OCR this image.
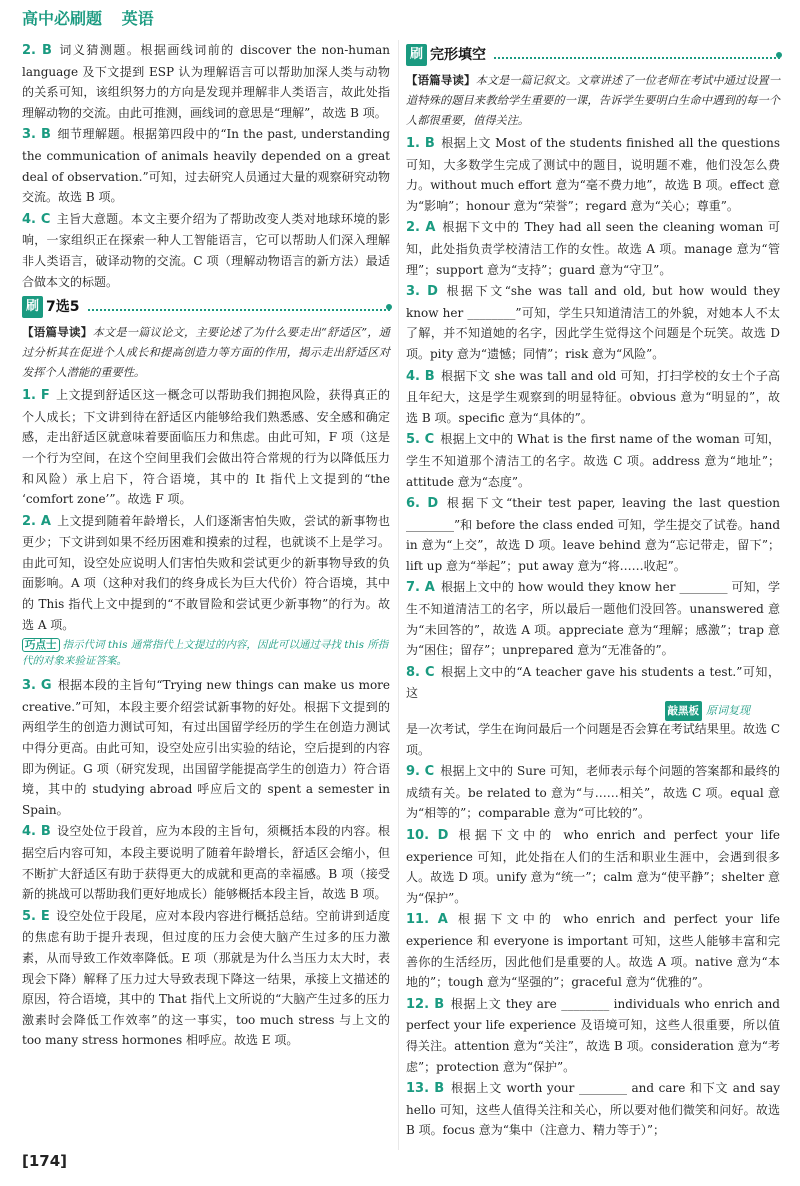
高中必刷题 英语
2. B 词义猜测题。根据画线词前的 discover the non-human language 及下文提到 ESP 认为理解语言可以帮助加深人类与动物的关系可知，该组织努力的方向是发现并理解非人类语言，故此处指理解动物的交流。由此可推测，画线词的意思是“理解”，故选 B 项。
3. B 细节理解题。根据第四段中的“In the past, understanding the communication of animals heavily depended on a great deal of observation.”可知，过去研究人员通过大量的观察研究动物交流。故选 B 项。
4. C 主旨大意题。本文主要介绍为了帮助改变人类对地球环境的影响，一家组织正在探索一种人工智能语言，它可以帮助人们深入理解非人类语言，破译动物的交流。C 项（理解动物语言的新方法）最适合做本文的标题。
刷 7选5
【语篇导读】本文是一篇议论文，主要论述了为什么要走出“舒适区”，通过分析其在促进个人成长和提高创造力等方面的作用，揭示走出舒适区对发挥个人潜能的重要性。
1. F 上文提到舒适区这一概念可以帮助我们拥抱风险，获得真正的个人成长；下文讲到待在舒适区内能够给我们熟悉感、安全感和确定感，走出舒适区就意味着要面临压力和焦虑。由此可知，F 项（这是一个行为空间，在这个空间里我们会做出符合常规的行为以降低压力和风险）承上启下，符合语境，其中的 It 指代上文提到的“the ‘comfort zone’”。故选 F 项。
2. A 上文提到随着年龄增长，人们逐渐害怕失败，尝试的新事物也更少；下文讲到如果不经历困难和摸索的过程，也就谈不上是学习。由此可知，设空处应说明人们害怕失败和尝试更少的新事物导致的负面影响。A 项（这种对我们的终身成长为巨大代价）符合语境，其中的 This 指代上文中提到的“不敢冒险和尝试更少新事物”的行为。故选 A 项。
巧点士 指示代词 this 通常指代上文提过的内容，因此可以通过寻找 this 所指代的对象来验证答案。
3. G 根据本段的主旨句“Trying new things can make us more creative.”可知，本段主要介绍尝试新事物的好处。根据下文提到的两组学生的创造力测试可知，有过出国留学经历的学生在创造力测试中得分更高。由此可知，设空处应引出实验的结论，空后提到的内容即为例证。G 项（研究发现，出国留学能提高学生的创造力）符合语境，其中的 studying abroad 呼应后文的 spent a semester in Spain。
4. B 设空处位于段首，应为本段的主旨句，须概括本段的内容。根据空后内容可知，本段主要说明了随着年龄增长，舒适区会缩小，但不断扩大舒适区有助于获得更大的成就和更高的幸福感。B 项（接受新的挑战可以帮助我们更好地成长）能够概括本段主旨，故选 B 项。
5. E 设空处位于段尾，应对本段内容进行概括总结。空前讲到适度的焦虑有助于提升表现，但过度的压力会使大脑产生过多的压力激素，从而导致工作效率降低。E 项（那就是为什么当压力太大时，表现会下降）解释了压力过大导致表现下降这一结果，承接上文描述的原因，符合语境，其中的 That 指代上文所说的“大脑产生过多的压力激素时会降低工作效率”的这一事实，too much stress 与上文的 too many stress hormones 相呼应。故选 E 项。
刷 完形填空
【语篇导读】本文是一篇记叙文。文章讲述了一位老师在考试中通过设置一道特殊的题目来教给学生重要的一课，告诉学生要明白生命中遇到的每一个人都很重要，值得关注。
1. B 根据上文 Most of the students finished all the questions 可知，大多数学生完成了测试中的题目，说明题不难，他们没怎么费力。without much effort 意为“毫不费力地”，故选 B 项。effect 意为“影响”；honour 意为“荣誉”；regard 意为“关心；尊重”。
2. A 根据下文中的 They had all seen the cleaning woman 可知，此处指负责学校清洁工作的女性。故选 A 项。manage 意为“管理”；support 意为“支持”；guard 意为“守卫”。
3. D 根据下文“she was tall and old, but how would they know her ________”可知，学生只知道清洁工的外貌，对她本人不太了解，并不知道她的名字，因此学生觉得这个问题是个玩笑。故选 D 项。pity 意为“遗憾；同情”；risk 意为“风险”。
4. B 根据下文 she was tall and old 可知，打扫学校的女士个子高且年纪大，这是学生观察到的明显特征。obvious 意为“明显的”，故选 B 项。specific 意为“具体的”。
5. C 根据上文中的 What is the first name of the woman 可知，学生不知道那个清洁工的名字。故选 C 项。address 意为“地址”；attitude 意为“态度”。
6. D 根据下文“their test paper, leaving the last question ________”和 before the class ended 可知，学生提交了试卷。hand in 意为“上交”，故选 D 项。leave behind 意为“忘记带走，留下”；lift up 意为“举起”；put away 意为“将……收起”。
7. A 根据上文中的 how would they know her ________ 可知，学生不知道清洁工的名字，所以最后一题他们没回答。unanswered 意为“未回答的”，故选 A 项。appreciate 意为“理解；感激”；trap 意为“困住；留存”；unprepared 意为“无准备的”。
8. C 根据上文中的“A teacher gave his students a test.”可知，这
敲黑板 原词复现
是一次考试，学生在询问最后一个问题是否会算在考试结果里。故选 C 项。
9. C 根据上文中的 Sure 可知，老师表示每个问题的答案都和最终的成绩有关。be related to 意为“与……相关”，故选 C 项。equal 意为“相等的”；comparable 意为“可比较的”。
10. D 根据下文中的 who enrich and perfect your life experience 可知，此处指在人们的生活和职业生涯中，会遇到很多人。故选 D 项。unify 意为“统一”；calm 意为“使平静”；shelter 意为“保护”。
11. A 根据下文中的 who enrich and perfect your life experience 和 everyone is important 可知，这些人能够丰富和完善你的生活经历，因此他们是重要的人。故选 A 项。native 意为“本地的”；tough 意为“坚强的”；graceful 意为“优雅的”。
12. B 根据上文 they are ________ individuals who enrich and perfect your life experience 及语境可知，这些人很重要，所以值得关注。attention 意为“关注”，故选 B 项。consideration 意为“考虑”；protection 意为“保护”。
13. B 根据上文 worth your ________ and care 和下文 and say hello 可知，这些人值得关注和关心，所以要对他们微笑和问好。故选 B 项。focus 意为“集中（注意力、精力等于）”；
[174]
